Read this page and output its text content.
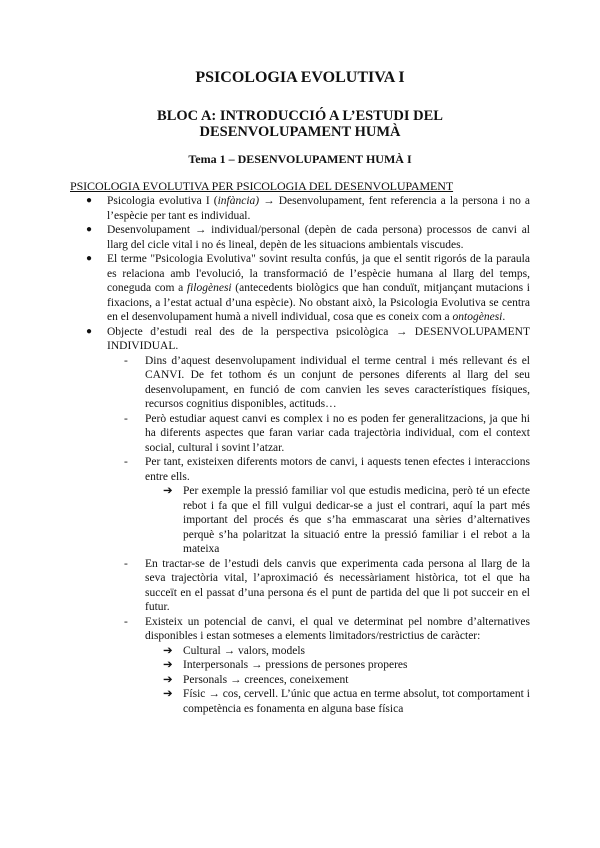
PSICOLOGIA EVOLUTIVA I
BLOC A: INTRODUCCIÓ A L’ESTUDI DEL DESENVOLUPAMENT HUMÀ
Tema 1 – DESENVOLUPAMENT HUMÀ I
PSICOLOGIA EVOLUTIVA PER PSICOLOGIA DEL DESENVOLUPAMENT
● Psicologia evolutiva I (infància) → Desenvolupament, fent referencia a la persona i no a l’espècie per tant es individual.
● Desenvolupament → individual/personal (depèn de cada persona) processos de canvi al llarg del cicle vital i no és lineal, depèn de les situacions ambientals viscudes.
● El terme "Psicologia Evolutiva" sovint resulta confús, ja que el sentit rigorós de la paraula es relaciona amb l'evolució, la transformació de l’espècie humana al llarg del temps, coneguda com a filogènesi (antecedents biològics que han conduït, mitjançant mutacions i fixacions, a l’estat actual d’una espècie). No obstant això, la Psicologia Evolutiva se centra en el desenvolupament humà a nivell individual, cosa que es coneix com a ontogènesi.
● Objecte d’estudi real des de la perspectiva psicològica → DESENVOLUPAMENT INDIVIDUAL.
- Dins d’aquest desenvolupament individual el terme central i més rellevant és el CANVI. De fet tothom és un conjunt de persones diferents al llarg del seu desenvolupament, en funció de com canvien les seves característiques físiques, recursos cognitius disponibles, actituds…
- Però estudiar aquest canvi es complex i no es poden fer generalitzacions, ja que hi ha diferents aspectes que faran variar cada trajectòria individual, com el context social, cultural i sovint l’atzar.
- Per tant, existeixen diferents motors de canvi, i aquests tenen efectes i interaccions entre ells.
➔ Per exemple la pressió familiar vol que estudis medicina, però té un efecte rebot i fa que el fill vulgui dedicar-se a just el contrari, aquí la part més important del procés és que s’ha emmascarat una sèries d’alternatives perquè s’ha polaritzat la situació entre la pressió familiar i el rebot a la mateixa
- En tractar-se de l’estudi dels canvis que experimenta cada persona al llarg de la seva trajectòria vital, l’aproximació és necessàriament històrica, tot el que ha succeït en el passat d’una persona és el punt de partida del que li pot succeir en el futur.
- Existeix un potencial de canvi, el qual ve determinat pel nombre d’alternatives disponibles i estan sotmeses a elements limitadors/restrictius de caràcter:
➔ Cultural → valors, models
➔ Interpersonals → pressions de persones properes
➔ Personals → creences, coneixement
➔ Físic → cos, cervell. L’únic que actua en terme absolut, tot comportament i competència es fonamenta en alguna base física
